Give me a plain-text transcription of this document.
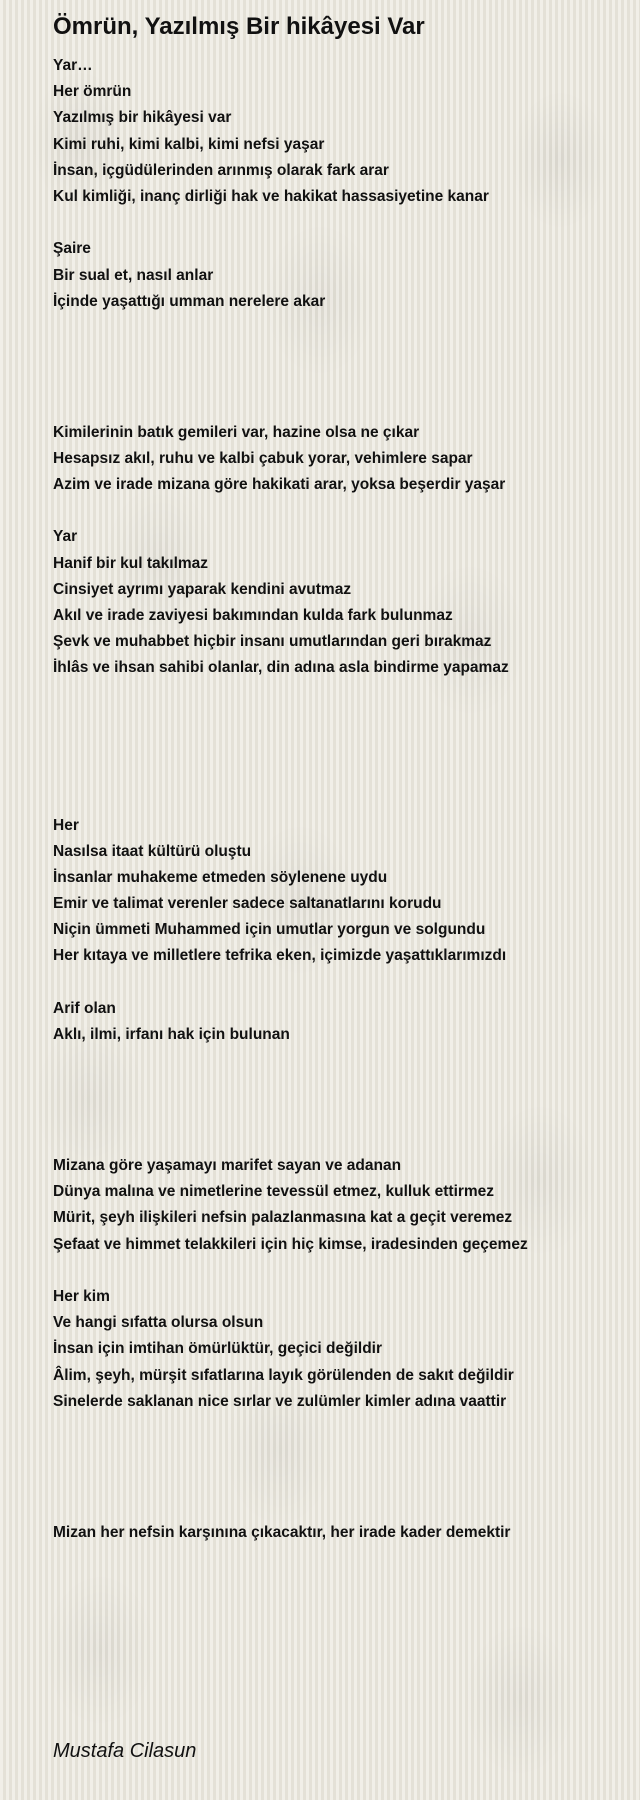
Ömrün, Yazılmış Bir hikâyesi Var
Yar…
Her ömrün
Yazılmış bir hikâyesi var
Kimi ruhi, kimi kalbi, kimi nefsi yaşar
İnsan, içgüdülerinden arınmış olarak fark arar
Kul kimliği, inanç dirliği hak ve hakikat hassasiyetine kanar
Şaire
Bir sual et, nasıl anlar
İçinde yaşattığı umman nerelere akar
Kimilerinin batık gemileri var, hazine olsa ne çıkar
Hesapsız akıl, ruhu ve kalbi çabuk yorar, vehimlere sapar
Azim ve irade mizana göre hakikati arar, yoksa beşerdir yaşar
Yar
Hanif bir kul takılmaz
Cinsiyet ayrımı yaparak kendini avutmaz
Akıl ve irade zaviyesi bakımından kulda fark bulunmaz
Şevk ve muhabbet hiçbir insanı umutlarından geri bırakmaz
İhlâs ve ihsan sahibi olanlar, din adına asla bindirme yapamaz
Her
Nasılsa itaat kültürü oluştu
İnsanlar muhakeme etmeden söylenene uydu
Emir ve talimat verenler sadece saltanatlarını korudu
Niçin ümmeti Muhammed için umutlar yorgun ve solgundu
Her kıtaya ve milletlere tefrika eken, içimizde yaşattıklarımızdı
Arif olan
Aklı, ilmi, irfanı hak için bulunan
Mizana göre yaşamayı marifet sayan ve adanan
Dünya malına ve nimetlerine tevessül etmez, kulluk ettirmez
Mürit, şeyh ilişkileri nefsin palazlanmasına kat a geçit veremez
Şefaat ve himmet telakkileri için hiç kimse, iradesinden geçemez
Her kim
Ve hangi sıfatta olursa olsun
İnsan için imtihan ömürlüktür, geçici değildir
Âlim, şeyh, mürşit sıfatlarına layık görülenden de sakıt değildir
Sinelerde saklanan nice sırlar ve zulümler kimler adına vaattir
Mizan her nefsin karşınına çıkacaktır, her irade kader demektir
Mustafa Cilasun
